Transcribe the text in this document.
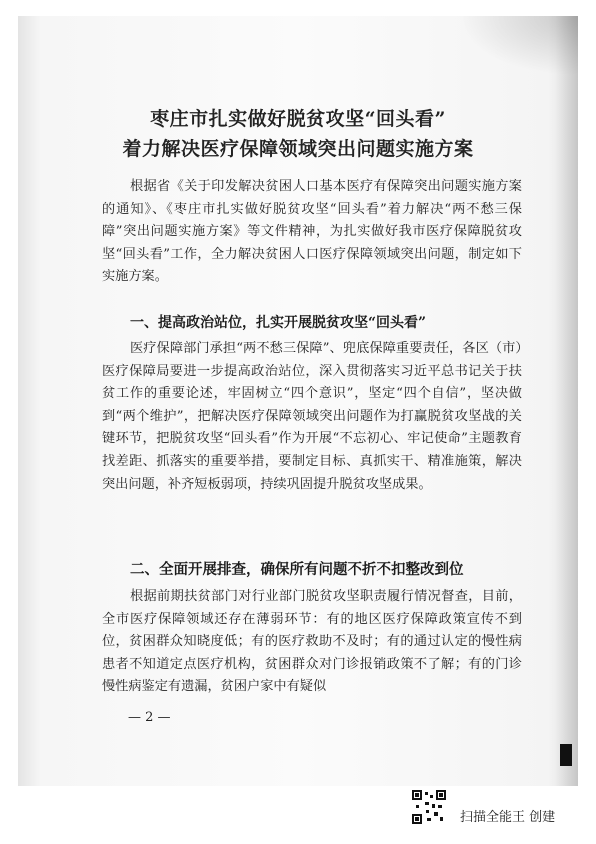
枣庄市扎实做好脱贫攻坚“回头看”
着力解决医疗保障领域突出问题实施方案

根据省《关于印发解决贫困人口基本医疗有保障突出问题实施方案的通知》、《枣庄市扎实做好脱贫攻坚“回头看”着力解决“两不愁三保障”突出问题实施方案》等文件精神，为扎实做好我市医疗保障脱贫攻坚“回头看”工作，全力解决贫困人口医疗保障领域突出问题，制定如下实施方案。

一、提高政治站位，扎实开展脱贫攻坚“回头看”

医疗保障部门承担“两不愁三保障”、兜底保障重要责任，各区（市）医疗保障局要进一步提高政治站位，深入贯彻落实习近平总书记关于扶贫工作的重要论述，牢固树立“四个意识”，坚定“四个自信”，坚决做到“两个维护”，把解决医疗保障领域突出问题作为打赢脱贫攻坚战的关键环节，把脱贫攻坚“回头看”作为开展“不忘初心、牢记使命”主题教育找差距、抓落实的重要举措，要制定目标、真抓实干、精准施策，解决突出问题，补齐短板弱项，持续巩固提升脱贫攻坚成果。

二、全面开展排查，确保所有问题不折不扣整改到位

根据前期扶贫部门对行业部门脱贫攻坚职责履行情况督查，目前，全市医疗保障领域还存在薄弱环节：有的地区医疗保障政策宣传不到位，贫困群众知晓度低；有的医疗救助不及时；有的通过认定的慢性病患者不知道定点医疗机构，贫困群众对门诊报销政策不了解；有的门诊慢性病鉴定有遗漏，贫困户家中有疑似

— 2 —
扫描全能王 创建
